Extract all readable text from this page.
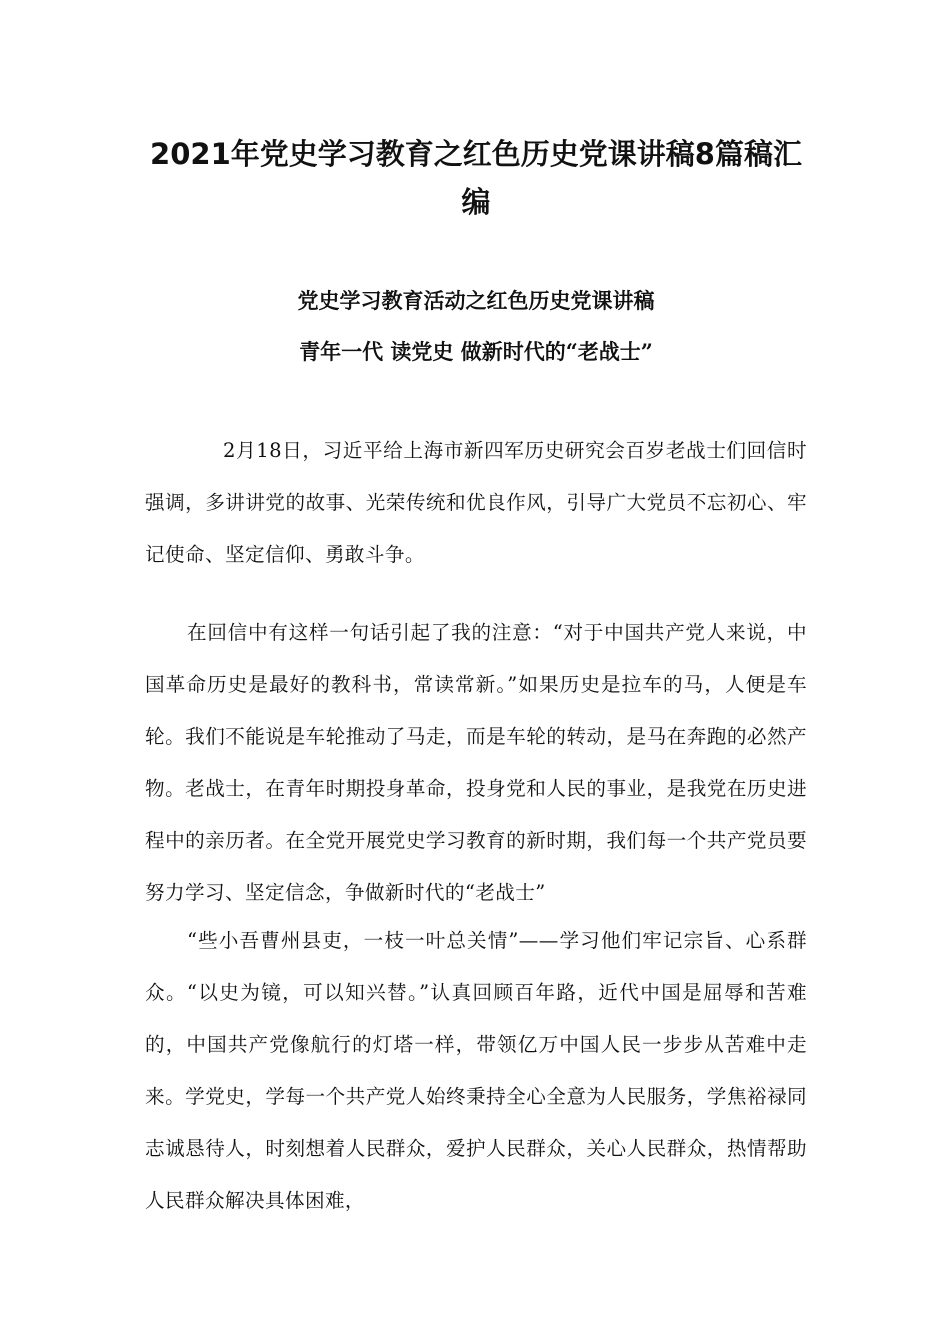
2021年党史学习教育之红色历史党课讲稿8篇稿汇编
党史学习教育活动之红色历史党课讲稿
青年一代 读党史 做新时代的“老战士”

2月18日，习近平给上海市新四军历史研究会百岁老战士们回信时强调，多讲讲党的故事、光荣传统和优良作风，引导广大党员不忘初心、牢记使命、坚定信仰、勇敢斗争。

在回信中有这样一句话引起了我的注意：“对于中国共产党人来说，中国革命历史是最好的教科书，常读常新。”如果历史是拉车的马，人便是车轮。我们不能说是车轮推动了马走，而是车轮的转动，是马在奔跑的必然产物。老战士，在青年时期投身革命，投身党和人民的事业，是我党在历史进程中的亲历者。在全党开展党史学习教育的新时期，我们每一个共产党员要努力学习、坚定信念，争做新时代的“老战士”

“些小吾曹州县吏，一枝一叶总关情”——学习他们牢记宗旨、心系群众。“以史为镜，可以知兴替。”认真回顾百年路，近代中国是屈辱和苦难的，中国共产党像航行的灯塔一样，带领亿万中国人民一步步从苦难中走来。学党史，学每一个共产党人始终秉持全心全意为人民服务，学焦裕禄同志诚恳待人，时刻想着人民群众，爱护人民群众，关心人民群众，热情帮助人民群众解决具体困难，
